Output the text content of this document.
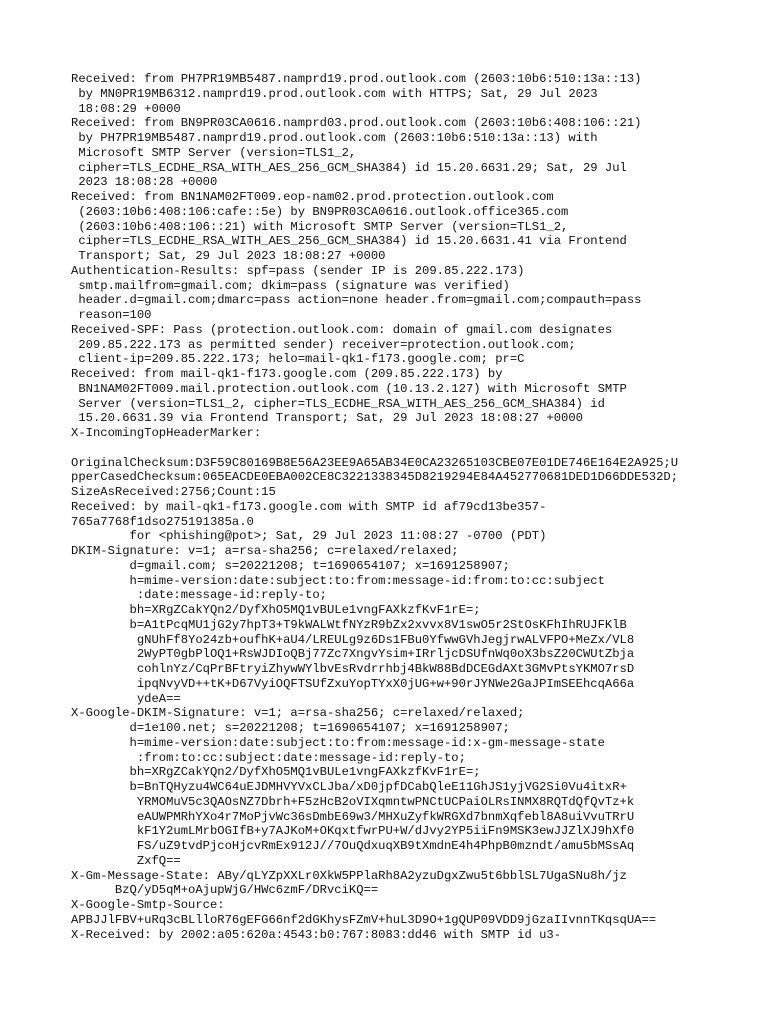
Received: from PH7PR19MB5487.namprd19.prod.outlook.com (2603:10b6:510:13a::13)
by MN0PR19MB6312.namprd19.prod.outlook.com with HTTPS; Sat, 29 Jul 2023
18:08:29 +0000
Received: from BN9PR03CA0616.namprd03.prod.outlook.com (2603:10b6:408:106::21)
by PH7PR19MB5487.namprd19.prod.outlook.com (2603:10b6:510:13a::13) with
Microsoft SMTP Server (version=TLS1_2,
cipher=TLS_ECDHE_RSA_WITH_AES_256_GCM_SHA384) id 15.20.6631.29; Sat, 29 Jul
2023 18:08:28 +0000
Received: from BN1NAM02FT009.eop-nam02.prod.protection.outlook.com
(2603:10b6:408:106:cafe::5e) by BN9PR03CA0616.outlook.office365.com
(2603:10b6:408:106::21) with Microsoft SMTP Server (version=TLS1_2,
cipher=TLS_ECDHE_RSA_WITH_AES_256_GCM_SHA384) id 15.20.6631.41 via Frontend
Transport; Sat, 29 Jul 2023 18:08:27 +0000
Authentication-Results: spf=pass (sender IP is 209.85.222.173)
smtp.mailfrom=gmail.com; dkim=pass (signature was verified)
header.d=gmail.com;dmarc=pass action=none header.from=gmail.com;compauth=pass
reason=100
Received-SPF: Pass (protection.outlook.com: domain of gmail.com designates
209.85.222.173 as permitted sender) receiver=protection.outlook.com;
client-ip=209.85.222.173; helo=mail-qk1-f173.google.com; pr=C
Received: from mail-qk1-f173.google.com (209.85.222.173) by
BN1NAM02FT009.mail.protection.outlook.com (10.13.2.127) with Microsoft SMTP
Server (version=TLS1_2, cipher=TLS_ECDHE_RSA_WITH_AES_256_GCM_SHA384) id
15.20.6631.39 via Frontend Transport; Sat, 29 Jul 2023 18:08:27 +0000
X-IncomingTopHeaderMarker:
OriginalChecksum:D3F59C80169B8E56A23EE9A65AB34E0CA23265103CBE07E01DE746E164E2A925;U
pperCasedChecksum:065EACDE0EBA002CE8C3221338345D8219294E84A452770681DED1D66DDE532D;
SizeAsReceived:2756;Count:15
Received: by mail-qk1-f173.google.com with SMTP id af79cd13be357-
765a7768f1dso275191385a.0
for <phishing@pot>; Sat, 29 Jul 2023 11:08:27 -0700 (PDT)
DKIM-Signature: v=1; a=rsa-sha256; c=relaxed/relaxed;
d=gmail.com; s=20221208; t=1690654107; x=1691258907;
h=mime-version:date:subject:to:from:message-id:from:to:cc:subject
:date:message-id:reply-to;
bh=XRgZCakYQn2/DyfXhO5MQ1vBULe1vngFAXkzfKvF1rE=;
b=A1tPcqMU1jG2y7hpT3+T9kWALWtfNYzR9bZx2xvvx8V1swO5r2StOsKFhIhRUJFKlB
gNUhFf8Yo24zb+oufhK+aU4/LREULg9z6Ds1FBu0YfwwGVhJegjrwALVFPO+MeZx/VL8
2WyPT0gbPlOQ1+RsWJDIoQBj77Zc7XngvYsim+IRrljcDSUfnWq0oX3bsZ20CWUtZbja
cohlnYz/CqPrBFtryiZhywWYlbvEsRvdrrhbj4BkW88BdDCEGdAXt3GMvPtsYKMO7rsD
ipqNvyVD++tK+D67VyiOQFTSUfZxuYopTYxX0jUG+w+90rJYNWe2GaJPImSEEhcqA66a
ydeA==
X-Google-DKIM-Signature: v=1; a=rsa-sha256; c=relaxed/relaxed;
d=1e100.net; s=20221208; t=1690654107; x=1691258907;
h=mime-version:date:subject:to:from:message-id:x-gm-message-state
:from:to:cc:subject:date:message-id:reply-to;
bh=XRgZCakYQn2/DyfXhO5MQ1vBULe1vngFAXkzfKvF1rE=;
b=BnTQHyzu4WC64uEJDMHVYVxCLJba/xD0jpfDCabQleE11GhJS1yjVG2Si0Vu4itxR+
YRMOMuV5c3QAOsNZ7Dbrh+F5zHcB2oVIXqmntwPNCtUCPaiOLRsINMX8RQTdQfQvTz+k
eAUWPMRhYXo4r7MoPjvWc36sDmbE69w3/MHXuZyfkWRGXd7bnmXqfebl8A8uiVvuTRrU
kF1Y2umLMrbOGIfB+y7AJKoM+OKqxtfwrPU+W/dJvy2YP5iiFn9MSK3ewJJZlXJ9hXf0
FS/uZ9tvdPjcoHjcvRmEx912J//7OuQdxuqXB9tXmdnE4h4PhpB0mzndt/amu5bMSsAq
ZxfQ==
X-Gm-Message-State: ABy/qLYZpXXLr0XkW5PPlaRh8A2yzuDgxZwu5t6bblSL7UgaSNu8h/jz
BzQ/yD5qM+oAjupWjG/HWc6zmF/DRvciKQ==
X-Google-Smtp-Source:
APBJJlFBV+uRq3cBLlloR76gEFG66nf2dGKhysFZmV+huL3D9O+1gQUP09VDD9jGzaIIvnnTKqsqUA==
X-Received: by 2002:a05:620a:4543:b0:767:8083:dd46 with SMTP id u3-
